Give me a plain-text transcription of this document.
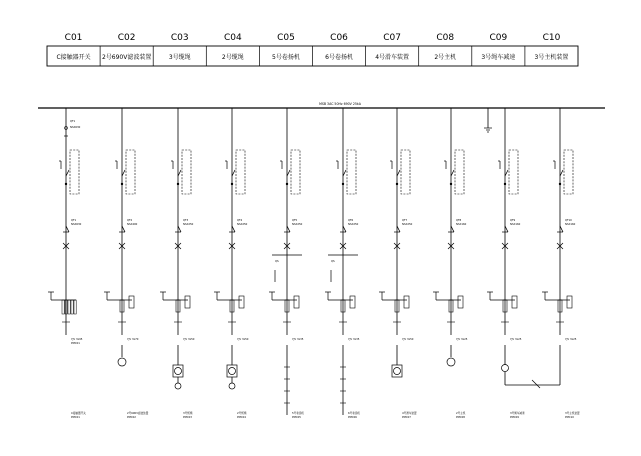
C01
C接触器开关
C02
2号690V滤波装置
C03
3号缆绳
C04
2号缆绳
C05
5号卷扬机
C06
6号卷扬机
C07
4号滑车装置
C08
2号主机
C09
3号绳车减速
C10
3号主机装置
MSB 3AC 50Hz 690V 25kA
QF1
NSX630
QF1
NSX630
YJV 3x95
PMC01
C接触器开关
PMC01
QF2
NSX400
YJV 3x70
2号690V滤波装置
PMC02
QF3
NSX250
YJV 3x50
3号缆绳
PMC03
QF4
NSX250
YJV 3x50
2号缆绳
PMC04
QF5
NSX250
QS
YJV 3x35
5号卷扬机
PMC05
QF6
NSX250
QS
YJV 3x35
6号卷扬机
PMC06
QF7
NSX250
YJV 3x50
4号滑车装置
PMC07
QF8
NSX160
YJV 3x25
2号主机
PMC08
QF9
NSX160
YJV 3x25
3号绳车减速
PMC09
QF10
NSX160
YJV 3x25
3号主机装置
PMC10
